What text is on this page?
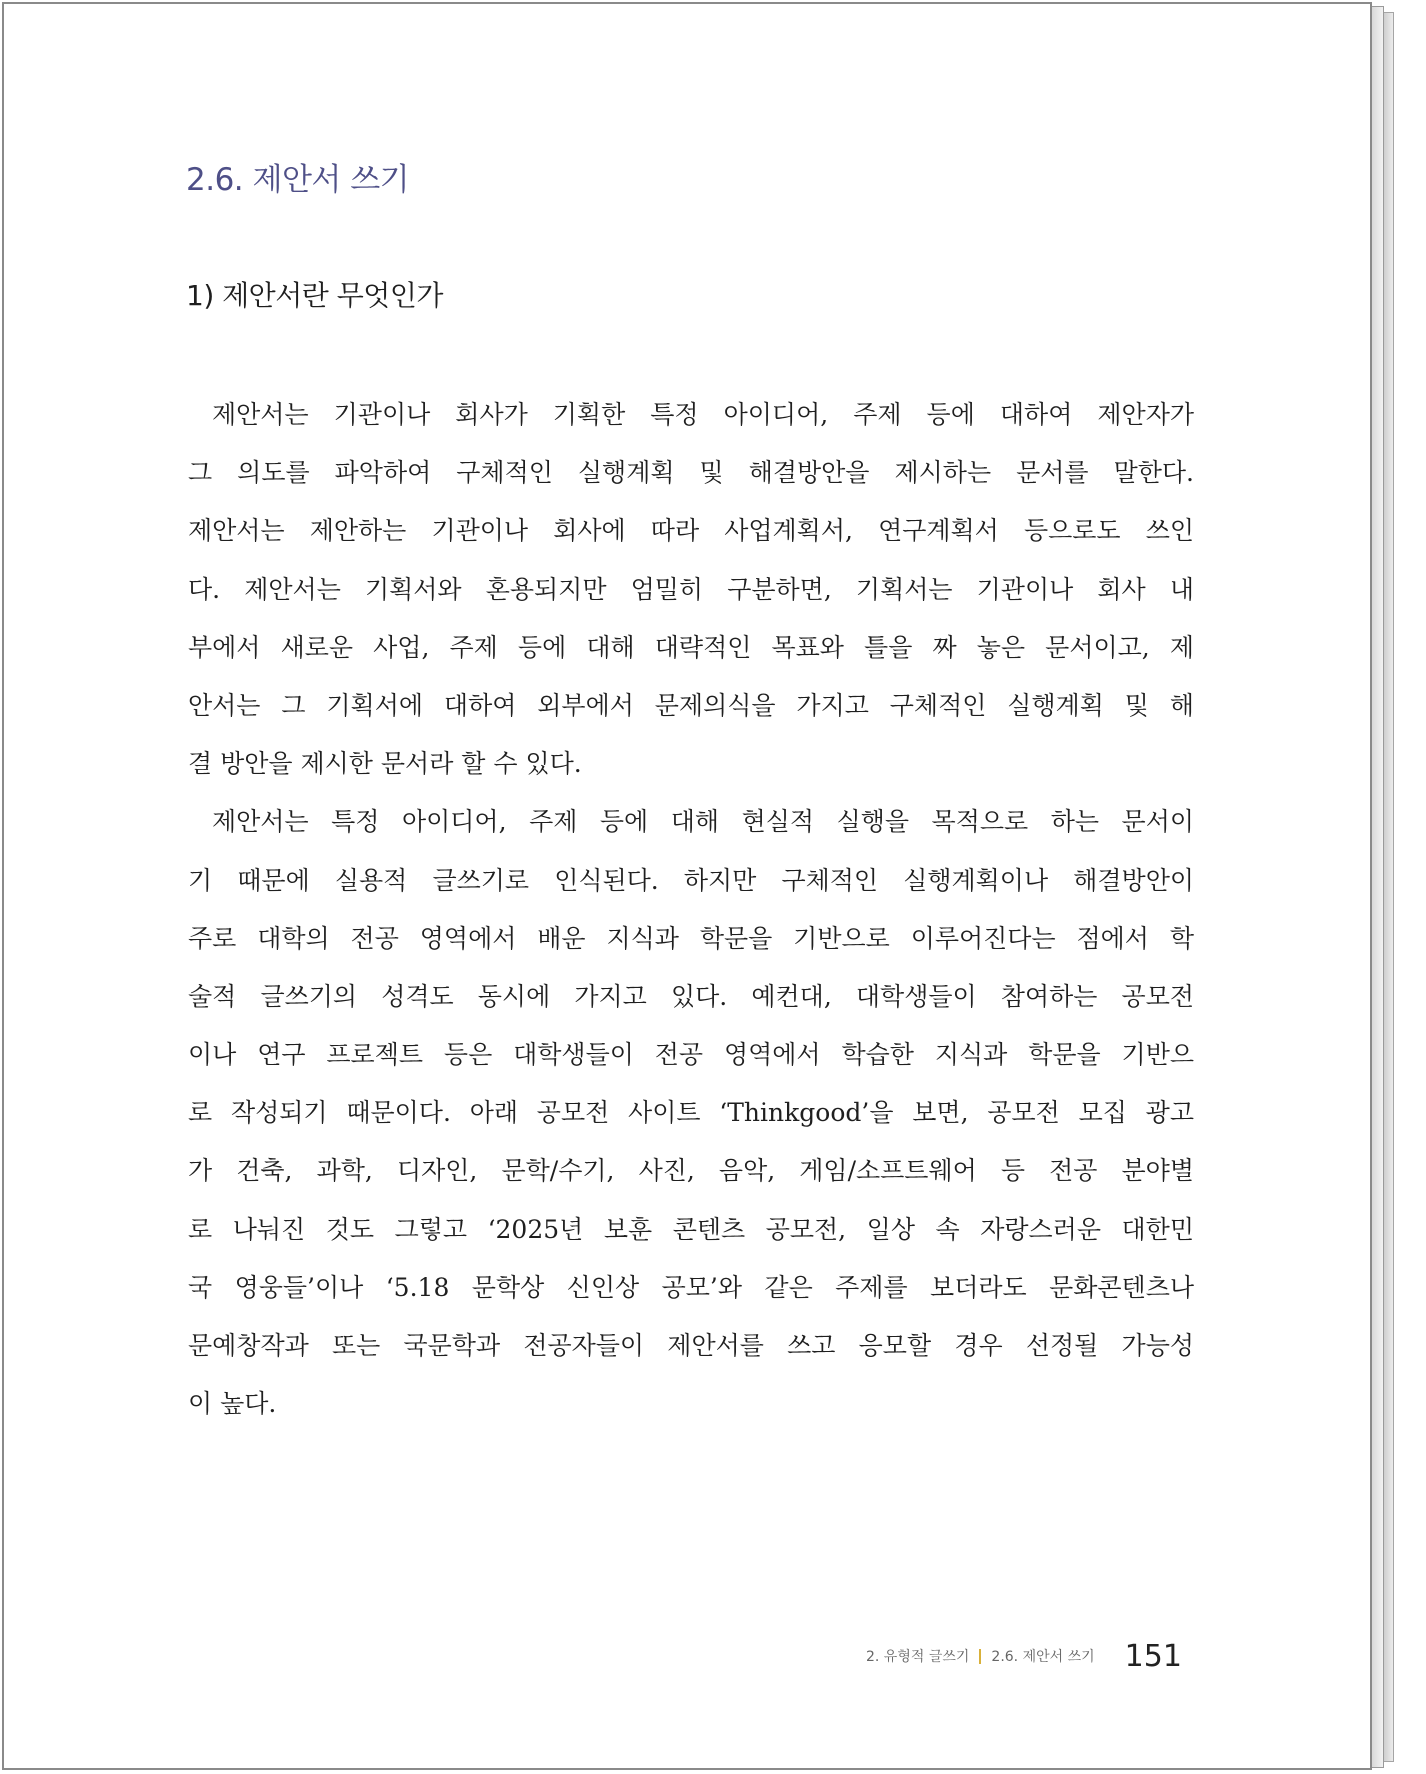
2.6. 제안서 쓰기
1) 제안서란 무엇인가
제안서는 기관이나 회사가 기획한 특정 아이디어, 주제 등에 대하여 제안자가
그 의도를 파악하여 구체적인 실행계획 및 해결방안을 제시하는 문서를 말한다.
제안서는 제안하는 기관이나 회사에 따라 사업계획서, 연구계획서 등으로도 쓰인
다. 제안서는 기획서와 혼용되지만 엄밀히 구분하면, 기획서는 기관이나 회사 내
부에서 새로운 사업, 주제 등에 대해 대략적인 목표와 틀을 짜 놓은 문서이고, 제
안서는 그 기획서에 대하여 외부에서 문제의식을 가지고 구체적인 실행계획 및 해
결 방안을 제시한 문서라 할 수 있다.
제안서는 특정 아이디어, 주제 등에 대해 현실적 실행을 목적으로 하는 문서이
기 때문에 실용적 글쓰기로 인식된다. 하지만 구체적인 실행계획이나 해결방안이
주로 대학의 전공 영역에서 배운 지식과 학문을 기반으로 이루어진다는 점에서 학
술적 글쓰기의 성격도 동시에 가지고 있다. 예컨대, 대학생들이 참여하는 공모전
이나 연구 프로젝트 등은 대학생들이 전공 영역에서 학습한 지식과 학문을 기반으
로 작성되기 때문이다. 아래 공모전 사이트 ‘Thinkgood’을 보면, 공모전 모집 광고
가 건축, 과학, 디자인, 문학/수기, 사진, 음악, 게임/소프트웨어 등 전공 분야별
로 나눠진 것도 그렇고 ‘2025년 보훈 콘텐츠 공모전, 일상 속 자랑스러운 대한민
국 영웅들’이나 ‘5.18 문학상 신인상 공모’와 같은 주제를 보더라도 문화콘텐츠나
문예창작과 또는 국문학과 전공자들이 제안서를 쓰고 응모할 경우 선정될 가능성
이 높다.
2. 유형적 글쓰기 2.6. 제안서 쓰기 151
